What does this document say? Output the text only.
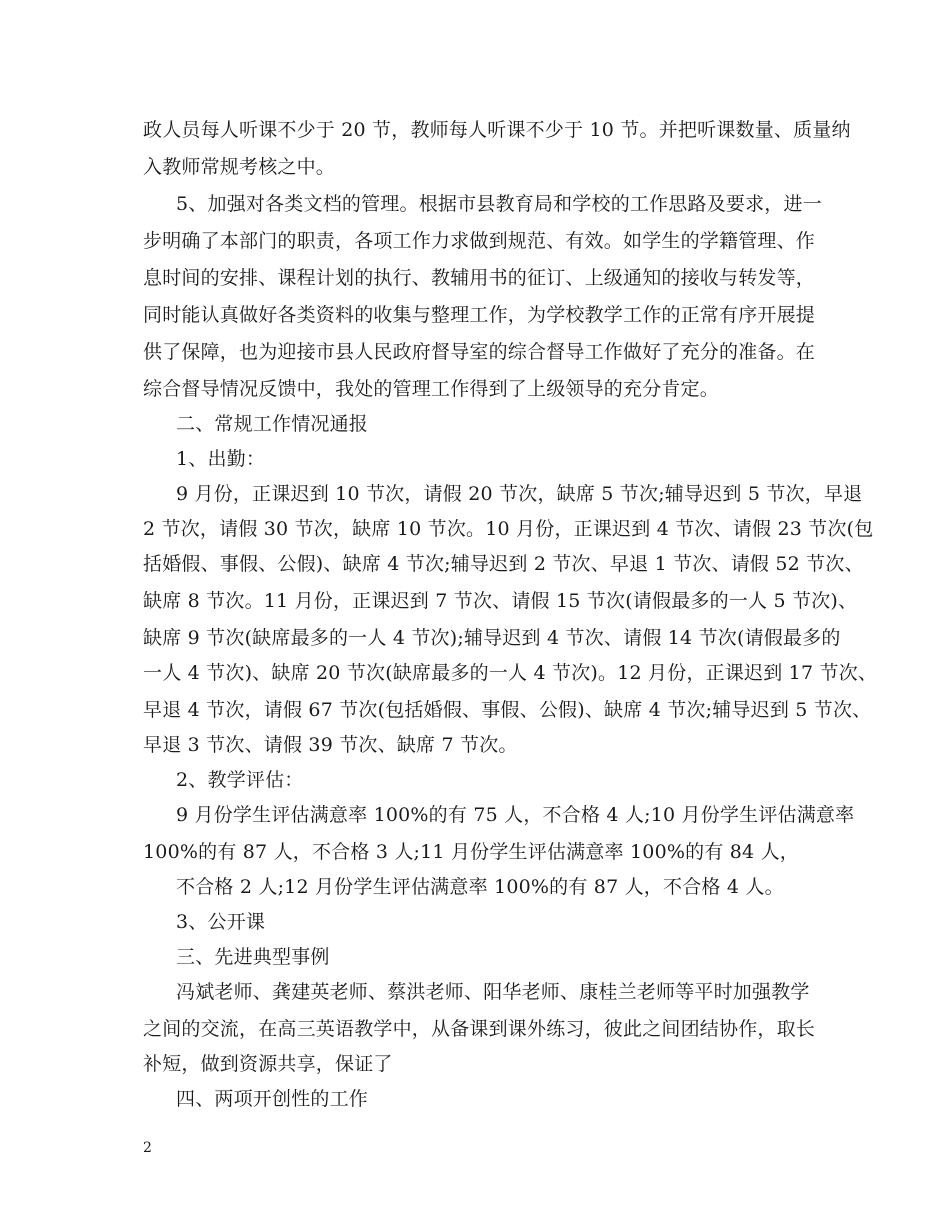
政人员每人听课不少于 20 节，教师每人听课不少于 10 节。并把听课数量、质量纳
入教师常规考核之中。
5、加强对各类文档的管理。根据市县教育局和学校的工作思路及要求，进一
步明确了本部门的职责，各项工作力求做到规范、有效。如学生的学籍管理、作
息时间的安排、课程计划的执行、教辅用书的征订、上级通知的接收与转发等，
同时能认真做好各类资料的收集与整理工作，为学校教学工作的正常有序开展提
供了保障，也为迎接市县人民政府督导室的综合督导工作做好了充分的准备。在
综合督导情况反馈中，我处的管理工作得到了上级领导的充分肯定。
二、常规工作情况通报
1、出勤：
9 月份，正课迟到 10 节次，请假 20 节次，缺席 5 节次;辅导迟到 5 节次，早退
2 节次，请假 30 节次，缺席 10 节次。10 月份，正课迟到 4 节次、请假 23 节次(包
括婚假、事假、公假)、缺席 4 节次;辅导迟到 2 节次、早退 1 节次、请假 52 节次、
缺席 8 节次。11 月份，正课迟到 7 节次、请假 15 节次(请假最多的一人 5 节次)、
缺席 9 节次(缺席最多的一人 4 节次);辅导迟到 4 节次、请假 14 节次(请假最多的
一人 4 节次)、缺席 20 节次(缺席最多的一人 4 节次)。12 月份，正课迟到 17 节次、
早退 4 节次，请假 67 节次(包括婚假、事假、公假)、缺席 4 节次;辅导迟到 5 节次、
早退 3 节次、请假 39 节次、缺席 7 节次。
2、教学评估：
9 月份学生评估满意率 100%的有 75 人，不合格 4 人;10 月份学生评估满意率
100%的有 87 人，不合格 3 人;11 月份学生评估满意率 100%的有 84 人，
不合格 2 人;12 月份学生评估满意率 100%的有 87 人，不合格 4 人。
3、公开课
三、先进典型事例
冯斌老师、龚建英老师、蔡洪老师、阳华老师、康桂兰老师等平时加强教学
之间的交流，在高三英语教学中，从备课到课外练习，彼此之间团结协作，取长
补短，做到资源共享，保证了
四、两项开创性的工作
2
